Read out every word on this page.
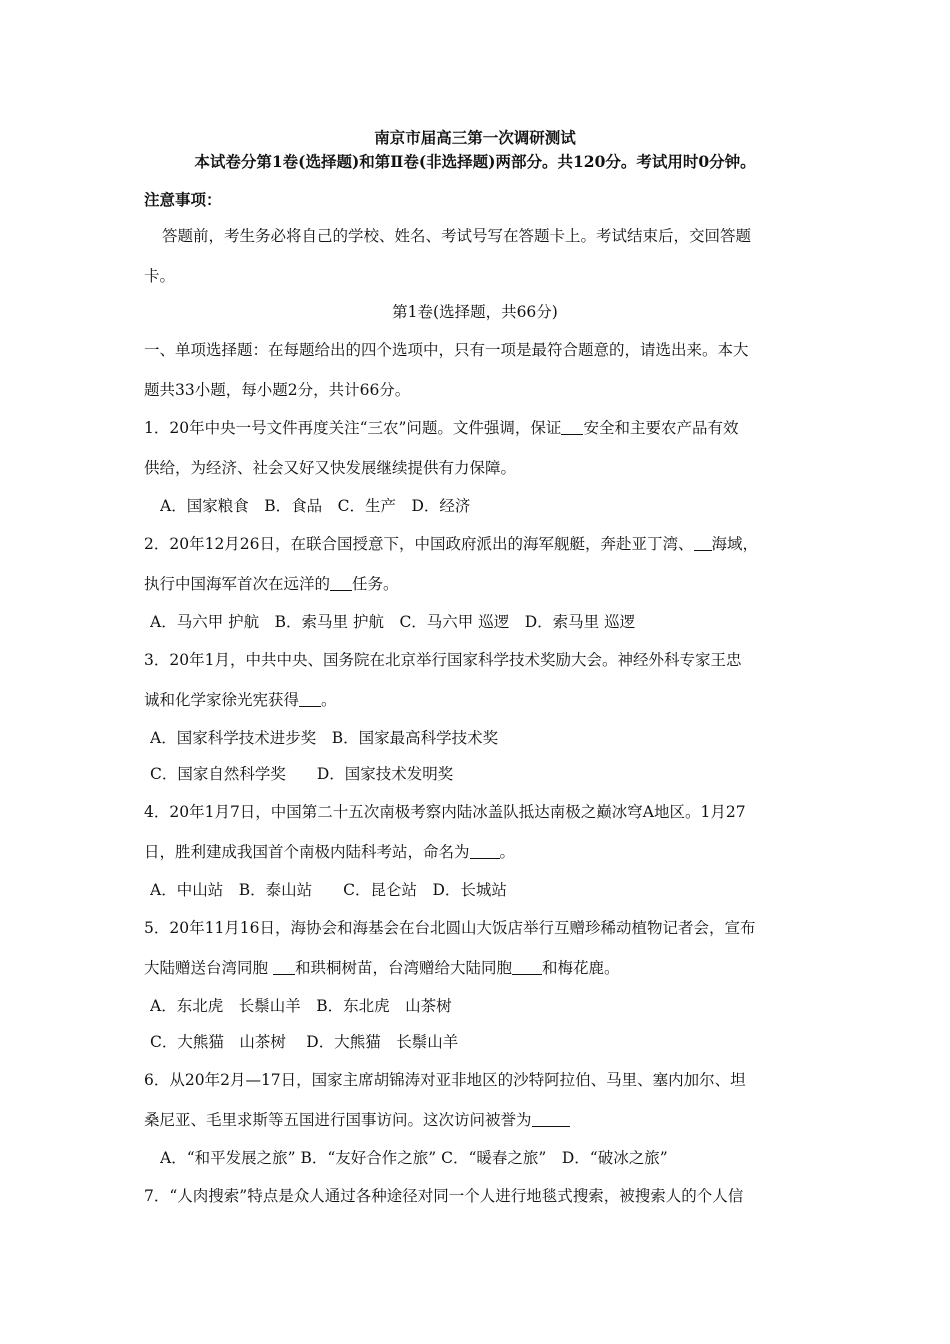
南京市届高三第一次调研测试
本试卷分第1卷(选择题)和第Ⅱ卷(非选择题)两部分。共120分。考试用时0分钟。
注意事项：
答题前，考生务必将自己的学校、姓名、考试号写在答题卡上。考试结束后，交回答题
卡。
第1卷(选择题，共66分)
一、单项选择题：在每题给出的四个选项中，只有一项是最符合题意的，请选出来。本大
题共33小题，每小题2分，共计66分。
1．20年中央一号文件再度关注“三农”问题。文件强调，保证 安全和主要农产品有效
供给，为经济、社会又好又快发展继续提供有力保障。
A．国家粮食　B．食品　C．生产　D．经济
2．20年12月26日，在联合国授意下，中国政府派出的海军舰艇，奔赴亚丁湾、 海域，
执行中国海军首次在远洋的 任务。
A．马六甲 护航　B．索马里 护航　C．马六甲 巡逻　D．索马里 巡逻
3．20年1月，中共中央、国务院在北京举行国家科学技术奖励大会。神经外科专家王忠
诚和化学家徐光宪获得 。
A．国家科学技术进步奖　B．国家最高科学技术奖
C．国家自然科学奖　　D．国家技术发明奖
4．20年1月7日，中国第二十五次南极考察内陆冰盖队抵达南极之巅冰穹A地区。1月27
日，胜利建成我国首个南极内陆科考站，命名为 。
A．中山站　B．泰山站　　C．昆仑站　D．长城站
5．20年11月16日，海协会和海基会在台北圆山大饭店举行互赠珍稀动植物记者会，宣布
大陆赠送台湾同胞 和珙桐树苗，台湾赠给大陆同胞 和梅花鹿。
A．东北虎　长鬃山羊　B．东北虎　山茶树
C．大熊猫　山茶树　 D．大熊猫　长鬃山羊
6．从20年2月—17日，国家主席胡锦涛对亚非地区的沙特阿拉伯、马里、塞内加尔、坦
桑尼亚、毛里求斯等五国进行国事访问。这次访问被誉为
A．“和平发展之旅” B．“友好合作之旅” C．“暖春之旅”　D．“破冰之旅”
7．“人肉搜索”特点是众人通过各种途径对同一个人进行地毯式搜索，被搜索人的个人信
